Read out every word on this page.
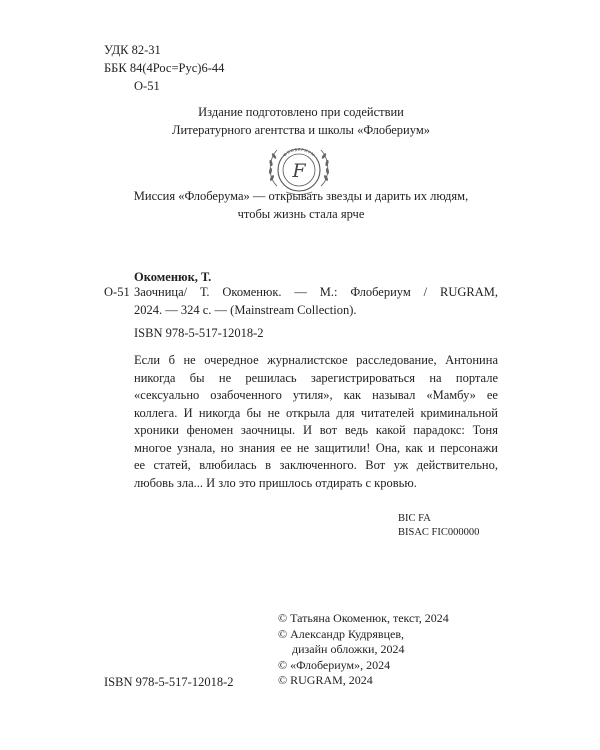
УДК 82-31
ББК 84(4Рос=Рус)6-44
О-51
Издание подготовлено при содействии
Литературного агентства и школы «Флобериум»
ФЛОБЕРИУМ
F
Миссия «Флоберума» — открывать звезды и дарить их людям,
чтобы жизнь стала ярче
Окоменюк, Т.
О-51 Заочница/ Т. Окоменюк. — М.: Флобериум / RUGRAM,
2024. — 324 с. — (Mainstream Collection).
ISBN 978-5-517-12018-2
Если б не очередное журналистское расследование, Антонина
никогда бы не решилась зарегистрироваться на портале
«сексуально озабоченного утиля», как называл «Мамбу» ее
коллега. И никогда бы не открыла для читателей криминальной
хроники феномен заочницы. И вот ведь какой парадокс: Тоня
многое узнала, но знания ее не защитили! Она, как и персонажи
ее статей, влюбилась в заключенного. Вот уж действительно,
любовь зла... И зло это пришлось отдирать с кровью.
BIC FA
BISAC FIC000000
ISBN 978-5-517-12018-2
© Татьяна Окоменюк, текст, 2024
© Александр Кудрявцев,
дизайн обложки, 2024
© «Флобериум», 2024
© RUGRAM, 2024
